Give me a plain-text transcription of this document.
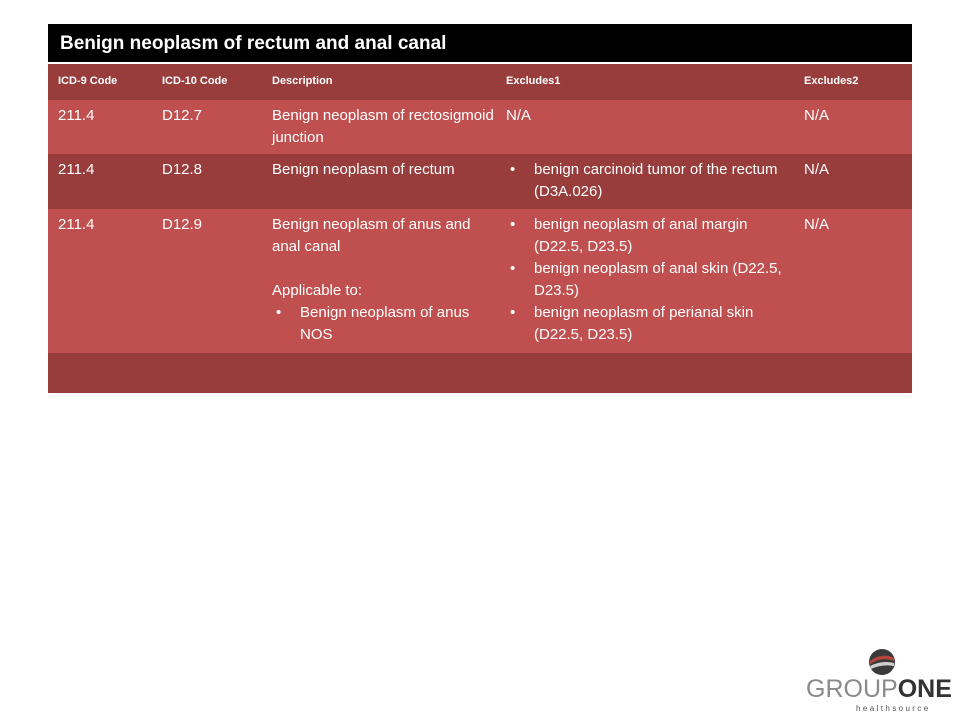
Benign neoplasm of rectum and anal canal
ICD-9 Code	ICD-10 Code	Description	Excludes1	Excludes2
211.4	D12.7	Benign neoplasm of rectosigmoid junction
N/A	N/A
211.4	D12.8	Benign neoplasm of rectum
•	benign carcinoid tumor of the rectum (D3A.026)
N/A
211.4	D12.9	Benign neoplasm of anus and anal canal
Applicable to:
• Benign neoplasm of anus NOS
• benign neoplasm of anal margin (D22.5, D23.5)
• benign neoplasm of anal skin (D22.5, D23.5)
• benign neoplasm of perianal skin (D22.5, D23.5)
N/A
GROUPONE
healthsource
